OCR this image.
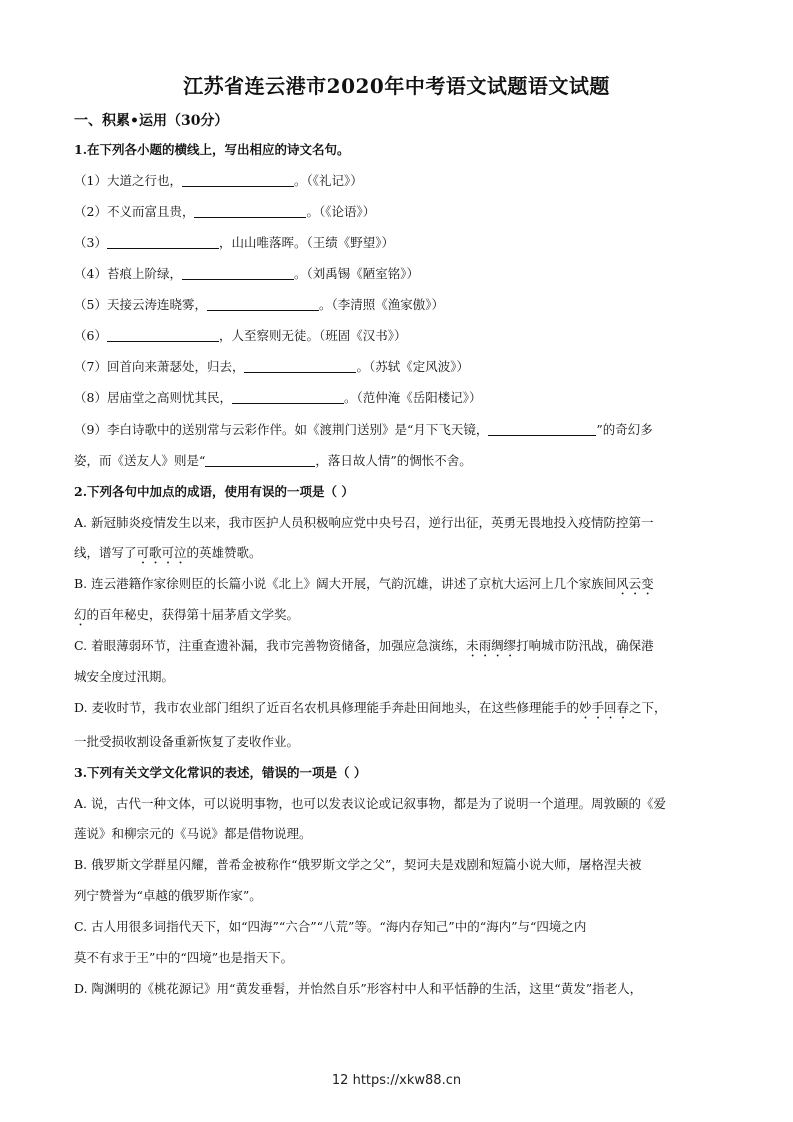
江苏省连云港市2020年中考语文试题语文试题
一、积累•运用（30分）
1.在下列各小题的横线上，写出相应的诗文名句。
（1）大道之行也，	。（《礼记》）
（2）不义而富且贵，	。（《论语》）
（3）	，山山唯落晖。（王绩《野望》）
（4）苔痕上阶绿，	。（刘禹锡《陋室铭》）
（5）天接云涛连晓雾，	。（李清照《渔家傲》）
（6）	，人至察则无徒。（班固《汉书》）
（7）回首向来萧瑟处，归去，	。（苏轼《定风波》）
（8）居庙堂之高则忧其民，	。（范仲淹《岳阳楼记》）
（9）李白诗歌中的送别常与云彩作伴。如《渡荆门送别》是“月下飞天镜，	”的奇幻多
姿，而《送友人》则是“	，落日故人情”的惆怅不舍。
2.下列各句中加点的成语，使用有误的一项是（ ）
A. 新冠肺炎疫情发生以来，我市医护人员积极响应党中央号召，逆行出征，英勇无畏地投入疫情防控第一
线，谱写了可歌可泣的英雄赞歌。
B. 连云港籍作家徐则臣的长篇小说《北上》阔大开展，气韵沉雄，讲述了京杭大运河上几个家族间风云变
幻的百年秘史，获得第十届茅盾文学奖。
C. 着眼薄弱环节，注重查遗补漏，我市完善物资储备，加强应急演练，未雨绸缪打响城市防汛战，确保港
城安全度过汛期。
D. 麦收时节，我市农业部门组织了近百名农机具修理能手奔赴田间地头，在这些修理能手的妙手回春之下，
一批受损收割设备重新恢复了麦收作业。
3.下列有关文学文化常识的表述，错误的一项是（ ）
A. 说，古代一种文体，可以说明事物，也可以发表议论或记叙事物，都是为了说明一个道理。周敦颐的《爱
莲说》和柳宗元的《马说》都是借物说理。
B. 俄罗斯文学群星闪耀，普希金被称作“俄罗斯文学之父”，契诃夫是戏剧和短篇小说大师，屠格涅夫被
列宁赞誉为“卓越的俄罗斯作家”。
C. 古人用很多词指代天下，如“四海”“六合”“八荒”等。“海内存知己”中的“海内”与“四境之内
莫不有求于王”中的“四境”也是指天下。
D. 陶渊明的《桃花源记》用“黄发垂髫，并怡然自乐”形容村中人和平恬静的生活，这里“黄发”指老人，
12 https://xkw88.cn
